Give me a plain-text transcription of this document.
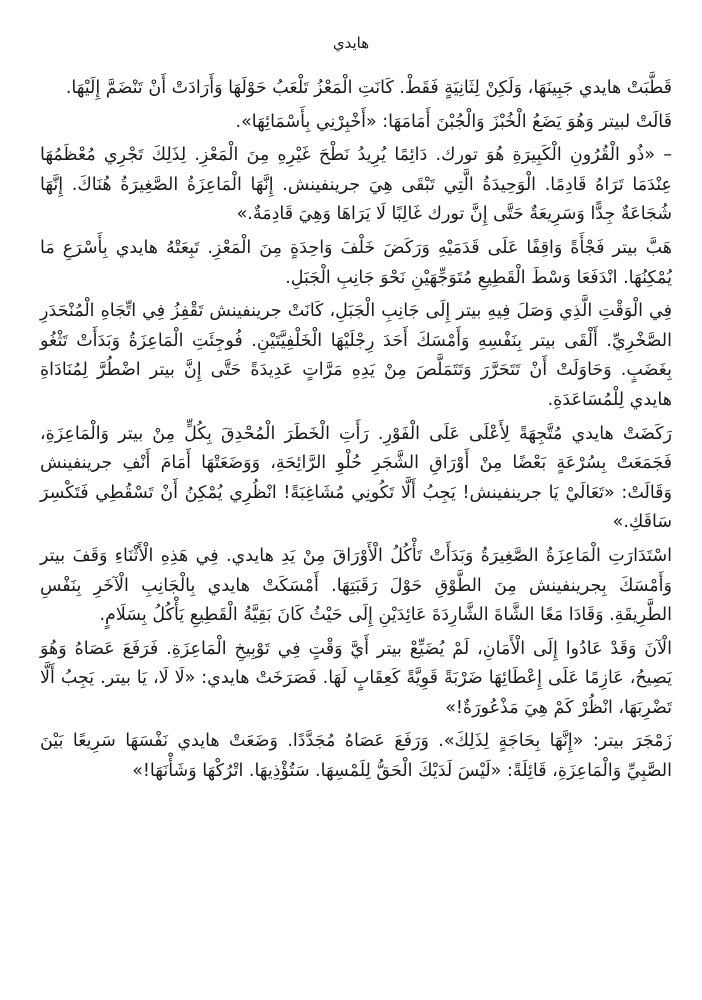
هايدي

قَطَّبَتْ هايدي جَبِينَهَا، وَلَكِنْ لِثَانِيَةٍ فَقَطْ. كَانَتِ الْمَعْزُ تَلْعَبُ حَوْلَهَا وَأَرَادَتْ أَنْ تَنْضَمَّ إِلَيْهَا.

قَالَتْ لبيتر وَهُوَ يَضَعُ الْخُبْزَ وَالْجُبْنَ أَمَامَهَا: «أَخْبِرْنِي بِأَسْمَائِهَا».

– «ذُو الْقُرُونِ الْكَبِيرَةِ هُوَ تورك. دَائِمًا يُرِيدُ نَطْحَ غَيْرِهِ مِنَ الْمَعْزِ. لِذَلِكَ تَجْرِي مُعْظَمُهَا عِنْدَمَا تَرَاهُ قَادِمًا. الْوَحِيدَةُ الَّتِي تَبْقَى هِيَ جرينفينش. إِنَّهَا الْمَاعِزَةُ الصَّغِيرَةُ هُنَاكَ. إِنَّهَا شُجَاعَةٌ جِدًّا وَسَرِيعَةٌ حَتَّى إِنَّ تورك غَالِبًا لَا يَرَاهَا وَهِيَ قَادِمَةٌ.»

هَبَّ بيتر فَجْأَةً وَاقِفًا عَلَى قَدَمَيْهِ وَرَكَضَ خَلْفَ وَاحِدَةٍ مِنَ الْمَعْزِ. تَبِعَتْهُ هايدي بِأَسْرَعِ مَا يُمْكِنُهَا. انْدَفَعَا وَسْطَ الْقَطِيعِ مُتَوَجِّهَيْنِ نَحْوَ جَانِبِ الْجَبَلِ.

فِي الْوَقْتِ الَّذِي وَصَلَ فِيهِ بيتر إِلَى جَانِبِ الْجَبَلِ، كَانَتْ جرينفينش تَقْفِزُ فِي اتِّجَاهِ الْمُنْحَدَرِ الصَّخْرِيِّ. أَلْقَى بيتر بِنَفْسِهِ وَأَمْسَكَ أَحَدَ رِجْلَيْهَا الْخَلْفِيَّتَيْنِ. فُوجِئَتِ الْمَاعِزَةُ وَبَدَأَتْ تَثْغُو بِغَضَبٍ. وَحَاوَلَتْ أَنْ تَتَحَرَّرَ وَتَتَمَلَّصَ مِنْ يَدِهِ مَرَّاتٍ عَدِيدَةً حَتَّى إِنَّ بيتر اضْطُرَّ لِمُنَادَاةِ هايدي لِلْمُسَاعَدَةِ.

رَكَضَتْ هايدي مُتَّجِهَةً لِأَعْلَى عَلَى الْفَوْرِ. رَأَتِ الْخَطَرَ الْمُحْدِقَ بِكُلٍّ مِنْ بيتر وَالْمَاعِزَةِ، فَجَمَعَتْ بِسُرْعَةٍ بَعْضًا مِنْ أَوْرَاقِ الشَّجَرِ حُلْوِ الرَّائِحَةِ، وَوَضَعَتْهَا أَمَامَ أَنْفِ جرينفينش وَقَالَتْ: «تَعَالَيْ يَا جرينفينش! يَجِبُ أَلَّا تَكُونِي مُشَاغِبَةً! انْظُرِي يُمْكِنُ أَنْ تَسْقُطِي فَتَكْسِرَ سَاقَكِ.»

اسْتَدَارَتِ الْمَاعِزَةُ الصَّغِيرَةُ وَبَدَأَتْ تَأْكُلُ الْأَوْرَاقَ مِنْ يَدِ هايدي. فِي هَذِهِ الْأَثْنَاءِ وَقَفَ بيتر وَأَمْسَكَ بِجرينفينش مِنَ الطَّوْقِ حَوْلَ رَقَبَتِهَا. أَمْسَكَتْ هايدي بِالْجَانِبِ الْآخَرِ بِنَفْسِ الطَّرِيقَةِ. وَقَادَا مَعًا الشَّاةَ الشَّارِدَةَ عَائِدَيْنِ إِلَى حَيْثُ كَانَ بَقِيَّةُ الْقَطِيعِ يَأْكُلُ بِسَلَامٍ.

الْآنَ وَقَدْ عَادُوا إِلَى الْأَمَانِ، لَمْ يُضَيِّعْ بيتر أَيَّ وَقْتٍ فِي تَوْبِيخِ الْمَاعِزَةِ. فَرَفَعَ عَصَاهُ وَهُوَ يَصِيحُ، عَازِمًا عَلَى إِعْطَائِهَا ضَرْبَةً قَوِيَّةً كَعِقَابٍ لَهَا. فَصَرَخَتْ هايدي: «لَا لَا، يَا بيتر. يَجِبُ أَلَّا تَضْرِبَهَا، انْظُرْ كَمْ هِيَ مَذْعُورَةٌ!»

زَمْجَرَ بيتر: «إِنَّهَا بِحَاجَةٍ لِذَلِكَ». وَرَفَعَ عَصَاهُ مُجَدَّدًا. وَضَعَتْ هايدي نَفْسَهَا سَرِيعًا بَيْنَ الصَّبِيِّ وَالْمَاعِزَةِ، قَائِلَةً: «لَيْسَ لَدَيْكَ الْحَقُّ لِلَمْسِهَا. سَتُؤْذِيهَا. اتْرُكْهَا وَشَأْنَهَا!»
